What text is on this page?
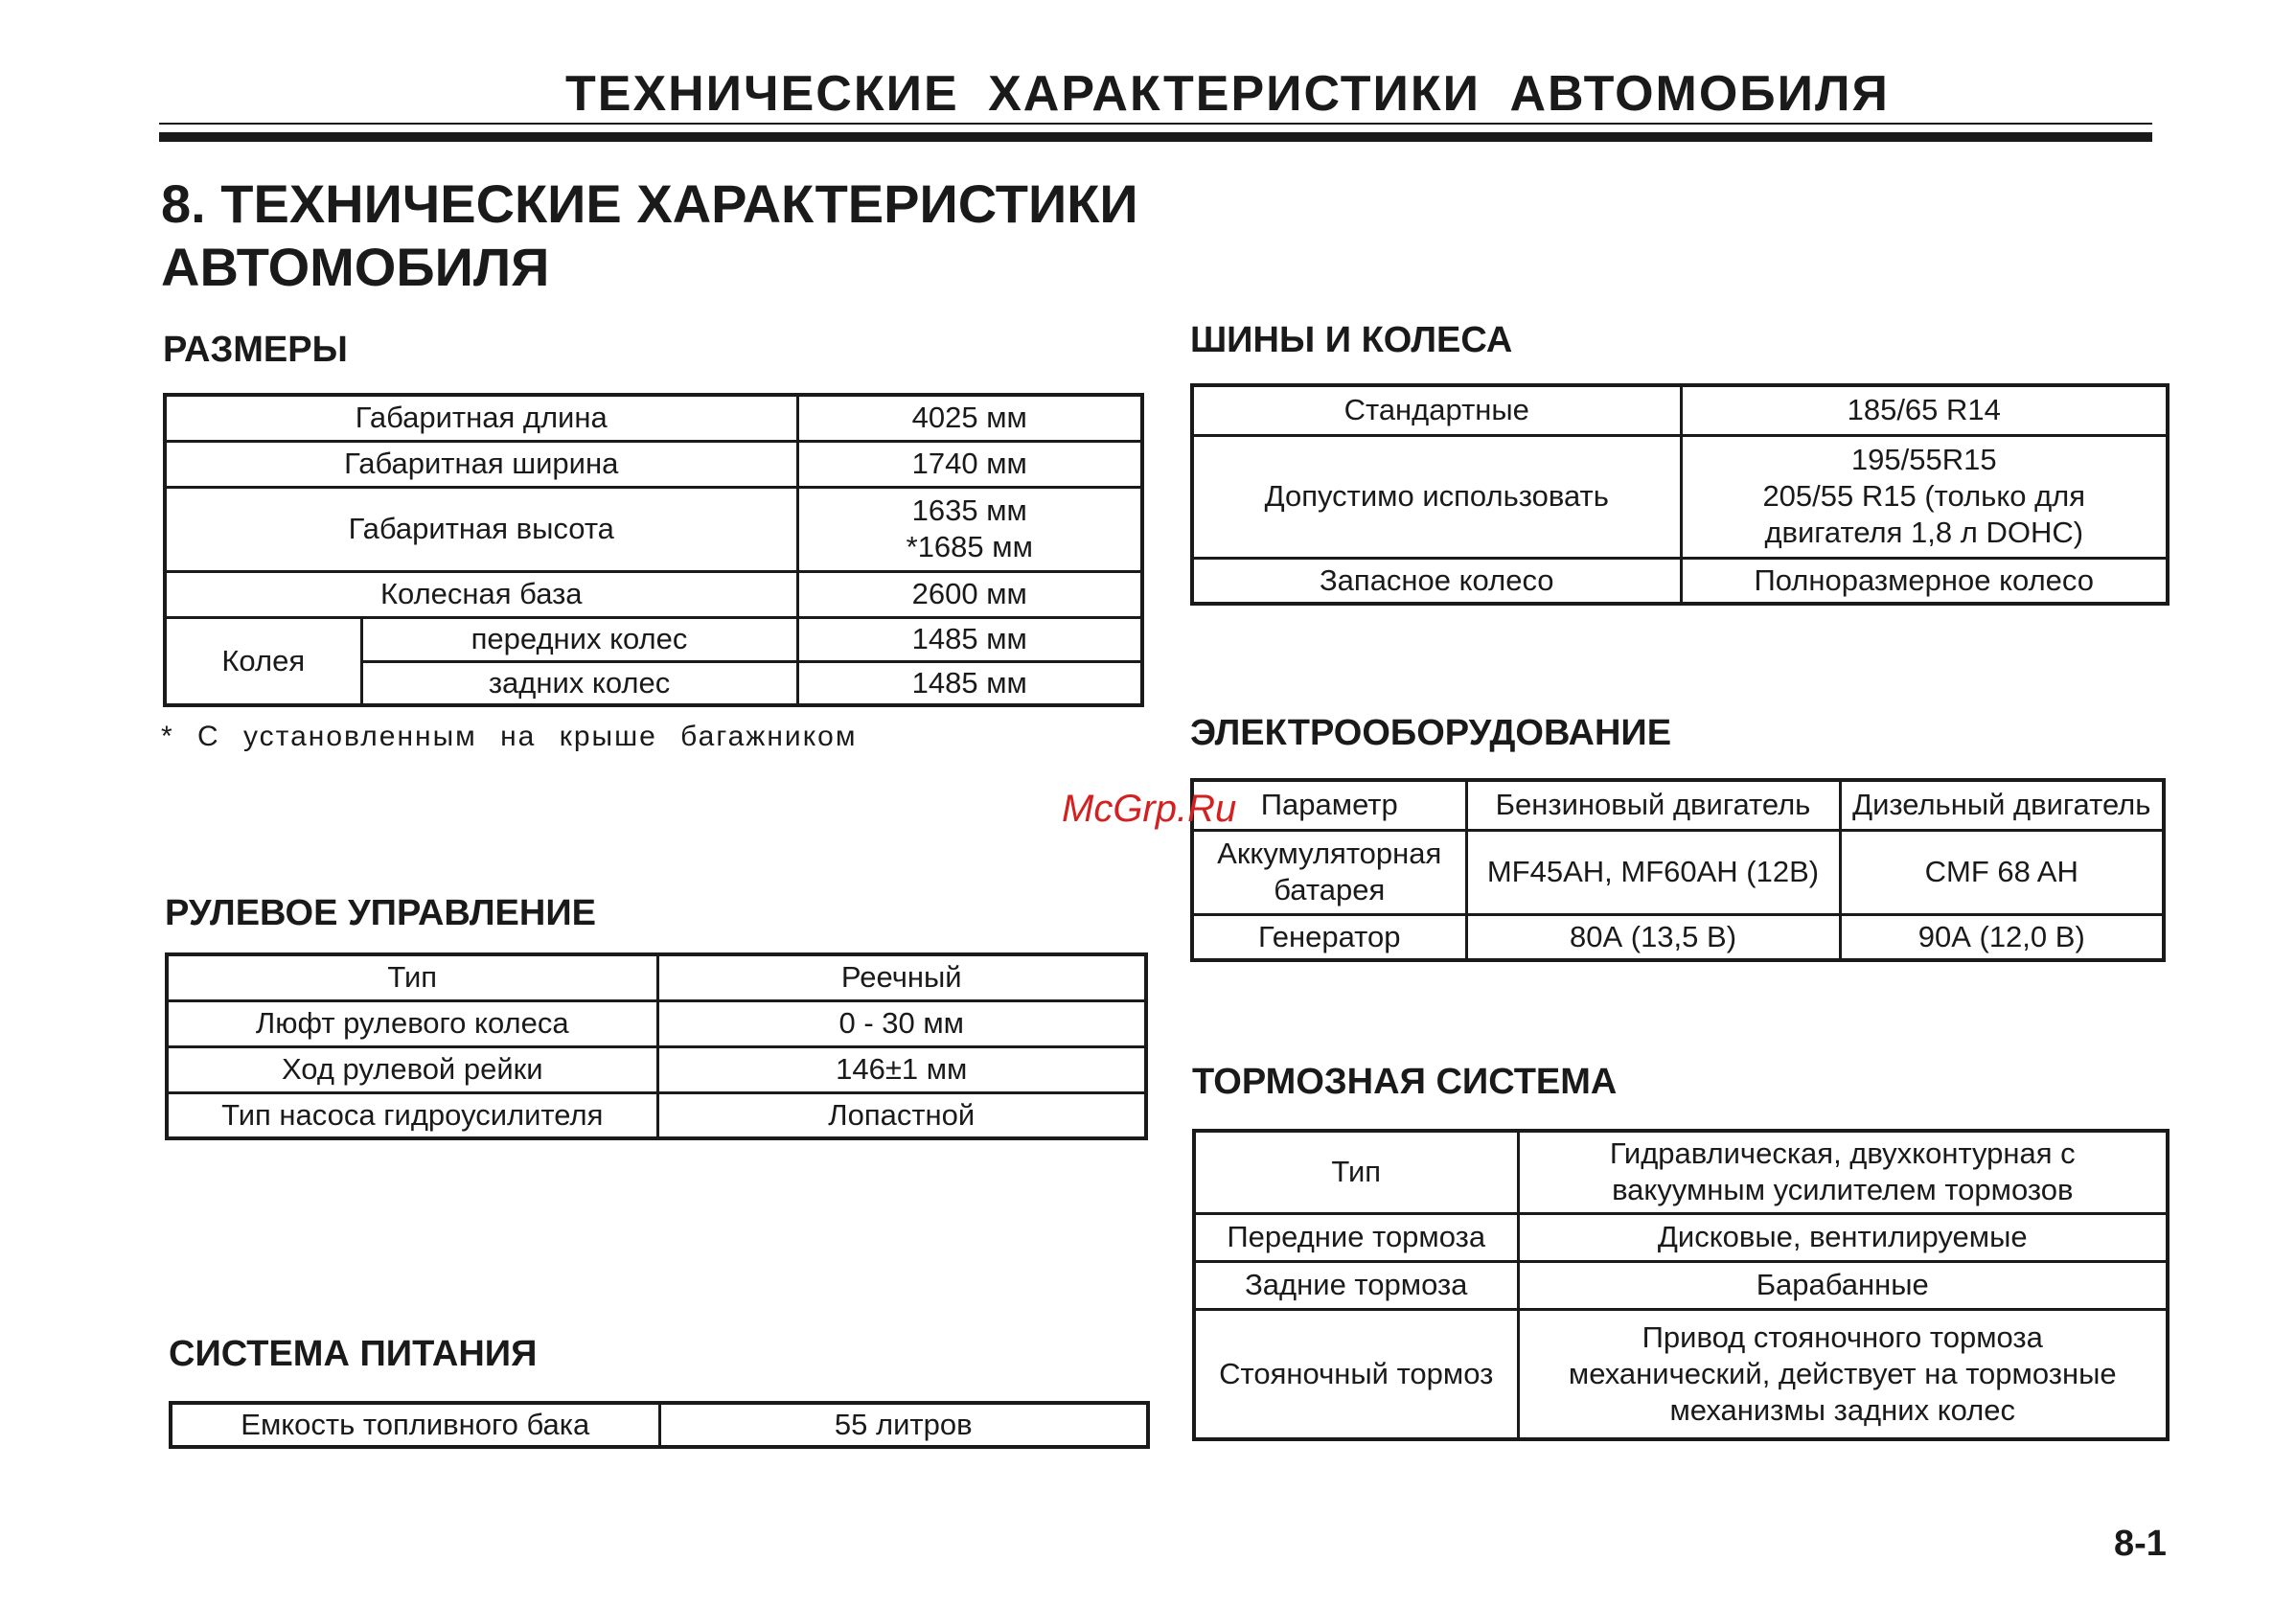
ТЕХНИЧЕСКИЕ ХАРАКТЕРИСТИКИ АВТОМОБИЛЯ
8. ТЕХНИЧЕСКИЕ ХАРАКТЕРИСТИКИ
АВТОМОБИЛЯ
РАЗМЕРЫ
Габаритная длина		4025 мм
Габаритная ширина		1740 мм
Габаритная высота		1635 мм
*1685 мм

Колесная база		2600 мм
Колея	передних колес	1485 мм
	задних колес	1485 мм
* С установленным на крыше багажником
РУЛЕВОЕ УПРАВЛЕНИЕ
Тип	Реечный
Люфт рулевого колеса	0 - 30 мм
Ход рулевой рейки	146±1 мм
Тип насоса гидроусилителя	Лопастной
СИСТЕМА ПИТАНИЯ
Емкость топливного бака	55 литров
ШИНЫ И КОЛЕСА
Стандартные	185/65 R14
Допустимо использовать	195/55R15
205/55 R15 (только для
двигателя 1,8 л DOHC)

Запасное колесо	Полноразмерное колесо
ЭЛЕКТРООБОРУДОВАНИЕ
Параметр	Бензиновый двигатель	Дизельный двигатель

Аккумуляторная
батарея	MF45AH, MF60AH (12В)	CMF 68 AH
Генератор	80А (13,5 В)	90А (12,0 В)
McGrp.Ru
ТОРМОЗНАЯ СИСТЕМА
Тип	Гидравлическая, двухконтурная с
вакуумным усилителем тормозов

Передние тормоза	Дисковые, вентилируемые
Задние тормоза	Барабанные
Стояночный тормоз	Привод стояночного тормоза
механический, действует на тормозные
механизмы задних колес
8-1
